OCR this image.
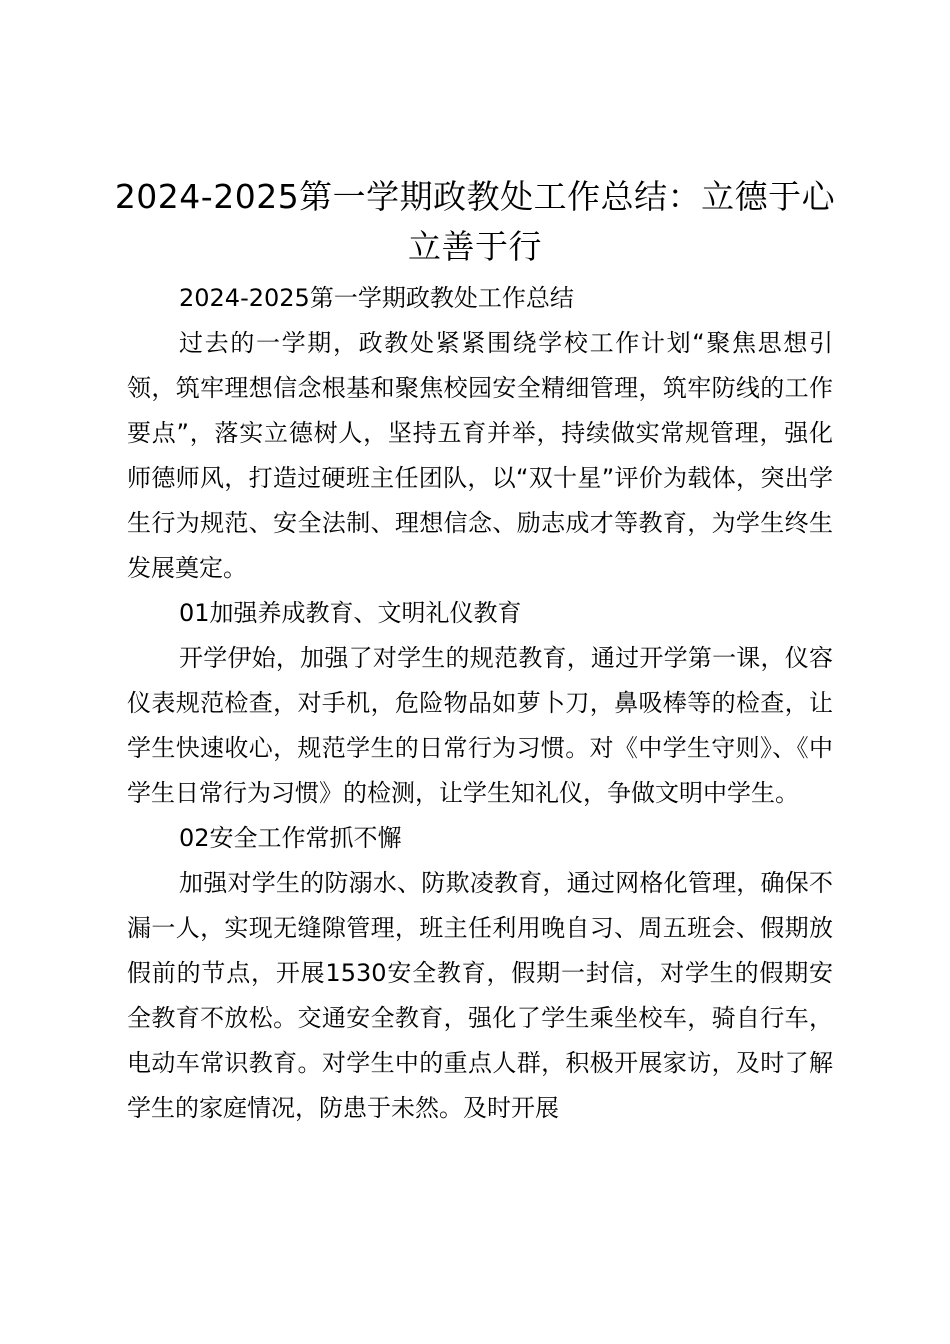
2024-2025第一学期政教处工作总结：立德于心立善于行

2024-2025第一学期政教处工作总结

过去的一学期，政教处紧紧围绕学校工作计划“聚焦思想引领，筑牢理想信念根基和聚焦校园安全精细管理，筑牢防线的工作要点”，落实立德树人，坚持五育并举，持续做实常规管理，强化师德师风，打造过硬班主任团队，以“双十星”评价为载体，突出学生行为规范、安全法制、理想信念、励志成才等教育，为学生终生发展奠定。

01加强养成教育、文明礼仪教育

开学伊始，加强了对学生的规范教育，通过开学第一课，仪容仪表规范检查，对手机，危险物品如萝卜刀，鼻吸棒等的检查，让学生快速收心，规范学生的日常行为习惯。对《中学生守则》、《中学生日常行为习惯》的检测，让学生知礼仪，争做文明中学生。

02安全工作常抓不懈

加强对学生的防溺水、防欺凌教育，通过网格化管理，确保不漏一人，实现无缝隙管理，班主任利用晚自习、周五班会、假期放假前的节点，开展1530安全教育，假期一封信，对学生的假期安全教育不放松。交通安全教育，强化了学生乘坐校车，骑自行车，电动车常识教育。对学生中的重点人群，积极开展家访，及时了解学生的家庭情况，防患于未然。及时开展
